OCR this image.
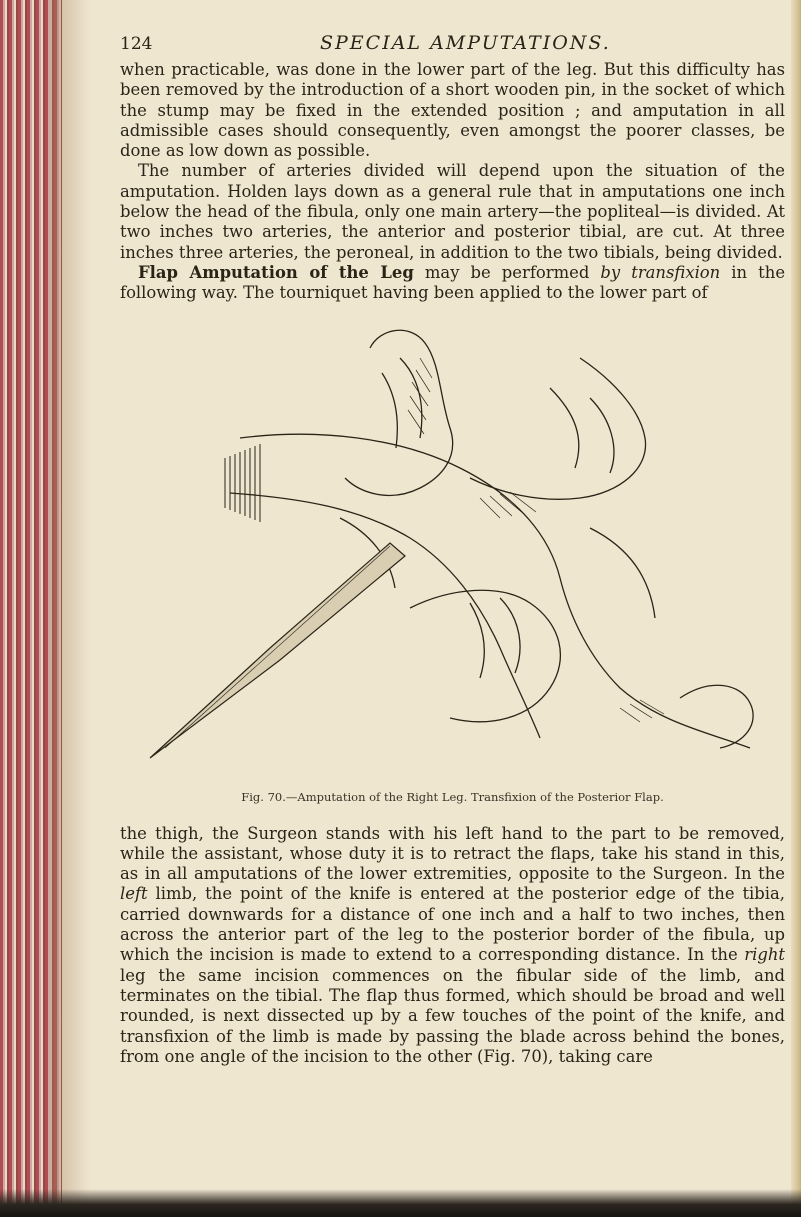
124	SPECIAL AMPUTATIONS.

when practicable, was done in the lower part of the leg. But this difficulty has been removed by the introduction of a short wooden pin, in the socket of which the stump may be fixed in the extended position ; and amputation in all admissible cases should consequently, even amongst the poorer classes, be done as low down as possible.

The number of arteries divided will depend upon the situation of the amputation. Holden lays down as a general rule that in amputations one inch below the head of the fibula, only one main artery—the popliteal—is divided. At two inches two arteries, the anterior and posterior tibial, are cut. At three inches three arteries, the peroneal, in addition to the two tibials, being divided.

Flap Amputation of the Leg may be performed by transfixion in the following way. The tourniquet having been applied to the lower part of

Fig. 70.—Amputation of the Right Leg. Transfixion of the Posterior Flap.

the thigh, the Surgeon stands with his left hand to the part to be removed, while the assistant, whose duty it is to retract the flaps, take his stand in this, as in all amputations of the lower extremities, opposite to the Surgeon. In the left limb, the point of the knife is entered at the posterior edge of the tibia, carried downwards for a distance of one inch and a half to two inches, then across the anterior part of the leg to the posterior border of the fibula, up which the incision is made to extend to a corresponding distance. In the right leg the same incision commences on the fibular side of the limb, and terminates on the tibial. The flap thus formed, which should be broad and well rounded, is next dissected up by a few touches of the point of the knife, and transfixion of the limb is made by passing the blade across behind the bones, from one angle of the incision to the other (Fig. 70), taking care
